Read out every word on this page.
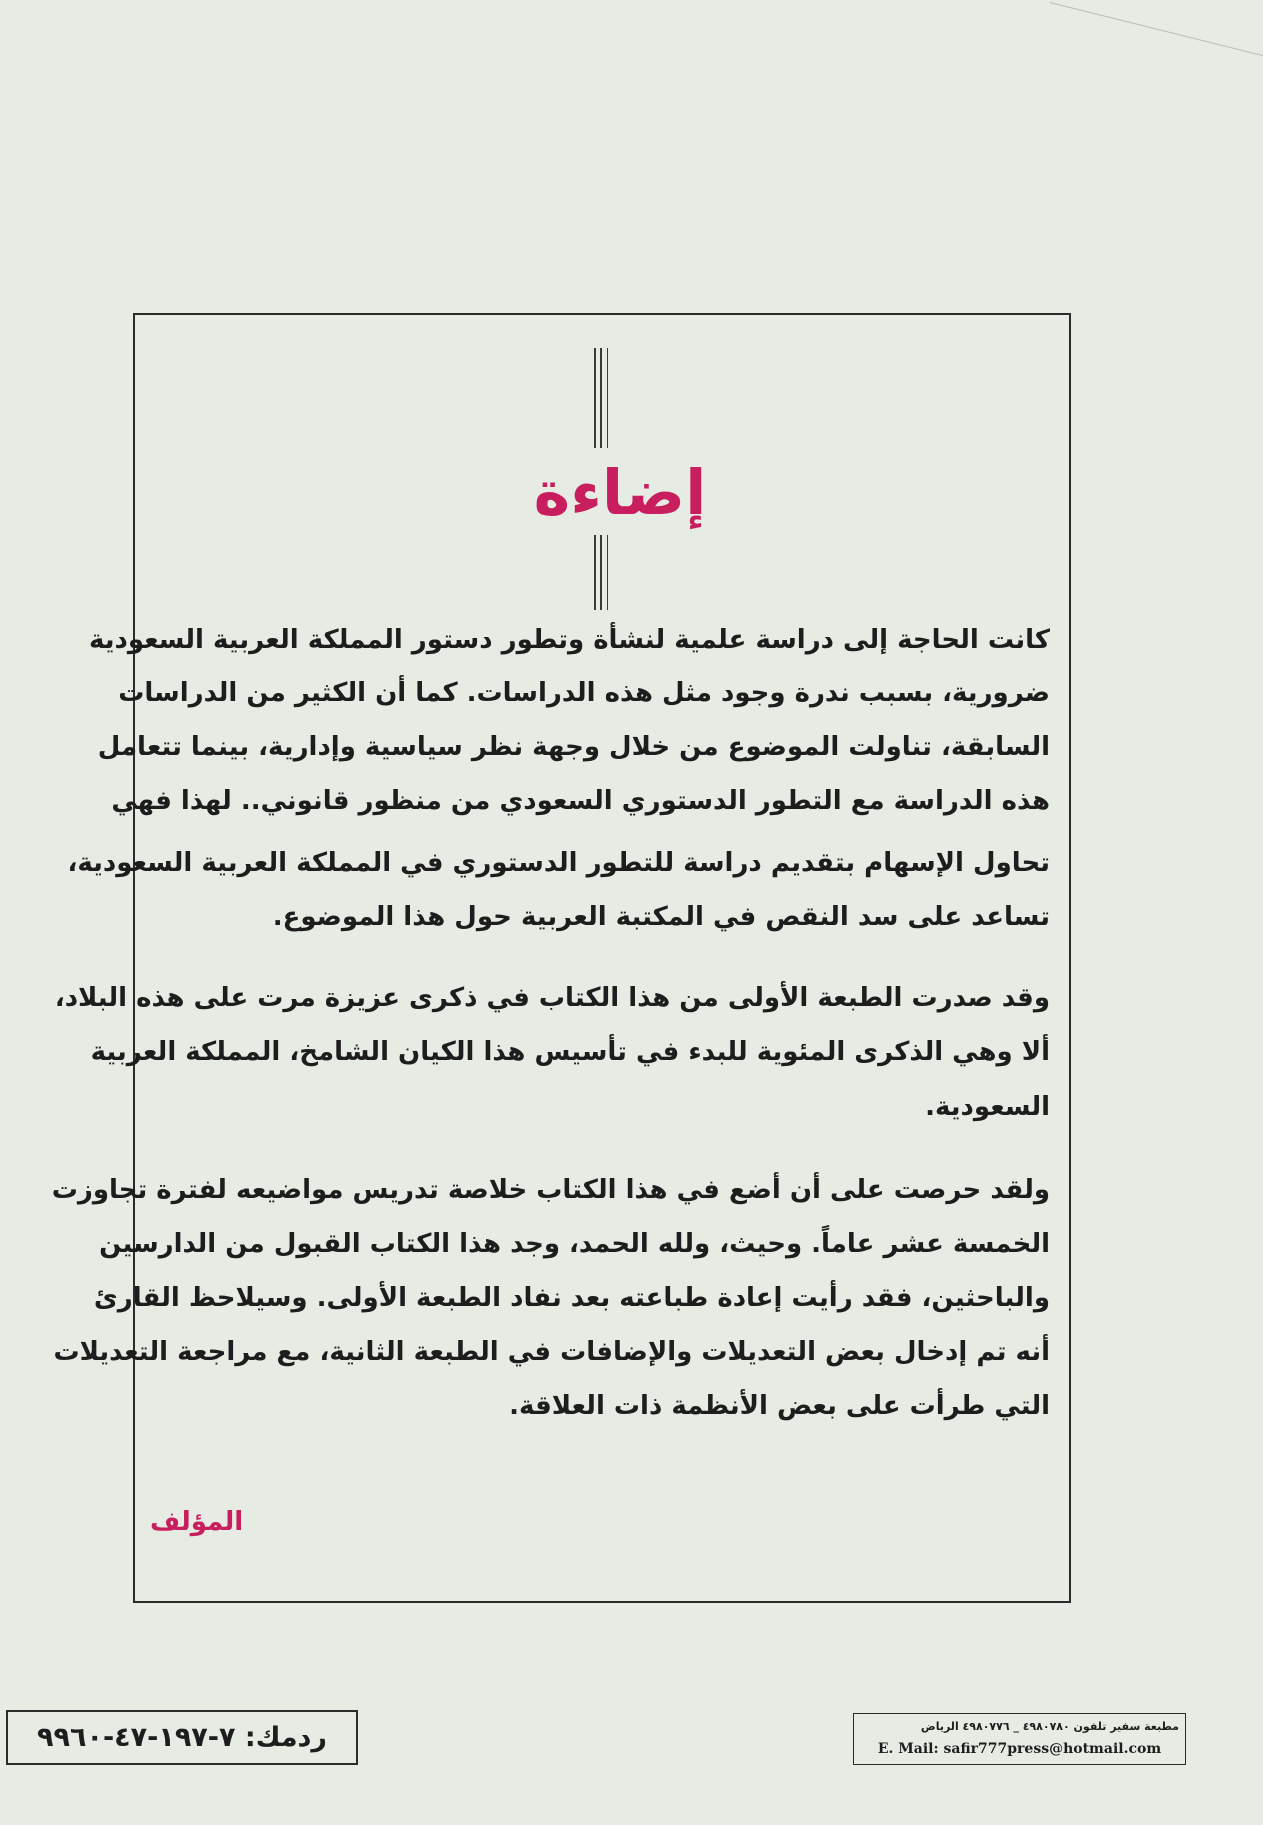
إضاءة
كانت الحاجة إلى دراسة علمية لنشأة وتطور دستور المملكة العربية السعودية
ضرورية، بسبب ندرة وجود مثل هذه الدراسات. كما أن الكثير من الدراسات
السابقة، تناولت الموضوع من خلال وجهة نظر سياسية وإدارية، بينما تتعامل
هذه الدراسة مع التطور الدستوري السعودي من منظور قانوني.. لهذا فهي
تحاول الإسهام بتقديم دراسة للتطور الدستوري في المملكة العربية السعودية،
تساعد على سد النقص في المكتبة العربية حول هذا الموضوع.
وقد صدرت الطبعة الأولى من هذا الكتاب في ذكرى عزيزة مرت على هذه البلاد،
ألا وهي الذكرى المئوية للبدء في تأسيس هذا الكيان الشامخ، المملكة العربية
السعودية.
ولقد حرصت على أن أضع في هذا الكتاب خلاصة تدريس مواضيعه لفترة تجاوزت
الخمسة عشر عاماً. وحيث، ولله الحمد، وجد هذا الكتاب القبول من الدارسين
والباحثين، فقد رأيت إعادة طباعته بعد نفاد الطبعة الأولى. وسيلاحظ القارئ
أنه تم إدخال بعض التعديلات والإضافات في الطبعة الثانية، مع مراجعة التعديلات
التي طرأت على بعض الأنظمة ذات العلاقة.
المؤلف
ردمك: ٧-١٩٧-٤٧-٩٩٦٠	مطبعة سفير تلفون ٤٩٨٠٧٨٠ _ ٤٩٨٠٧٧٦ الرياض
E. Mail: safir777press@hotmail.com
